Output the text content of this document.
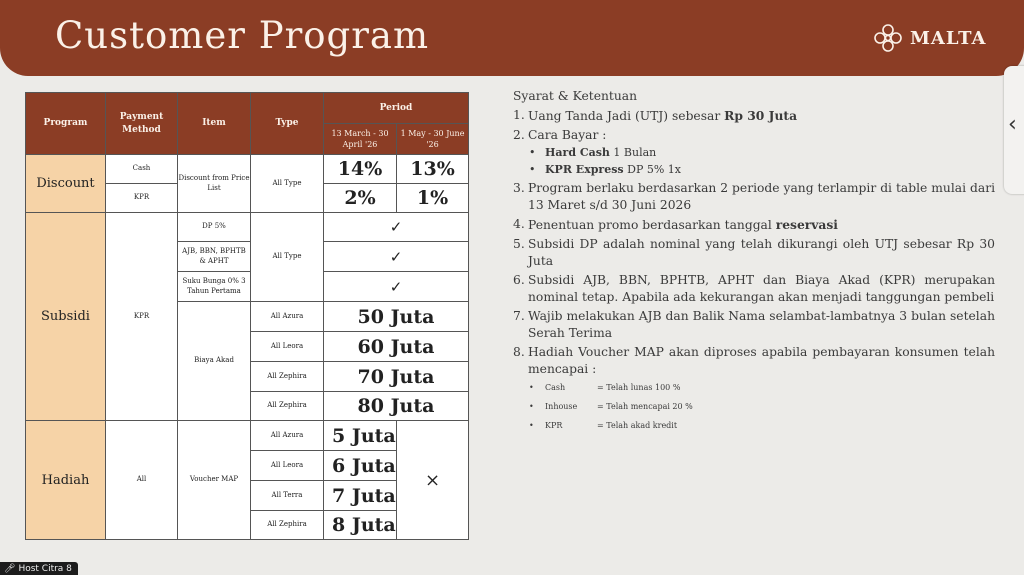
Customer Program	MALTA
Program	Payment Method	Item	Type	Period	
				13 March - 30 April '26	1 May - 30 June '26
Discount	Cash	Discount from Price List	All Type	14%	13%
	KPR			2%	1%
Subsidi	KPR	DP 5%	All Type	✓	
		AJB, BBN, BPHTB & APHT		✓	
		Suku Bunga 0% 3 Tahun Pertama		✓	
		Biaya Akad	All Azura	50 Juta	
			All Leora	60 Juta	
			All Zephira	70 Juta	
			All Zephira	80 Juta	
Hadiah	All	Voucher MAP	All Azura	5 Juta	×
			All Leora	6 Juta	
			All Terra	7 Juta	
			All Zephira	8 Juta	
Syarat & Ketentuan
1. Uang Tanda Jadi (UTJ) sebesar Rp 30 Juta
2. Cara Bayar :
• Hard Cash 1 Bulan
• KPR Express DP 5% 1x
3. Program berlaku berdasarkan 2 periode yang terlampir di table mulai dari 13 Maret s/d 30 Juni 2026
4. Penentuan promo berdasarkan tanggal reservasi
5. Subsidi DP adalah nominal yang telah dikurangi oleh UTJ sebesar Rp 30 Juta
6. Subsidi AJB, BBN, BPHTB, APHT dan Biaya Akad (KPR) merupakan nominal tetap. Apabila ada kekurangan akan menjadi tanggungan pembeli
7. Wajib melakukan AJB dan Balik Nama selambat-lambatnya 3 bulan setelah Serah Terima
8. Hadiah Voucher MAP akan diproses apabila pembayaran konsumen telah mencapai :
•	Cash	= Telah lunas 100 %
•	Inhouse	= Telah mencapai 20 %
•	KPR	= Telah akad kredit
‹
🎤︎ Host Citra 8
